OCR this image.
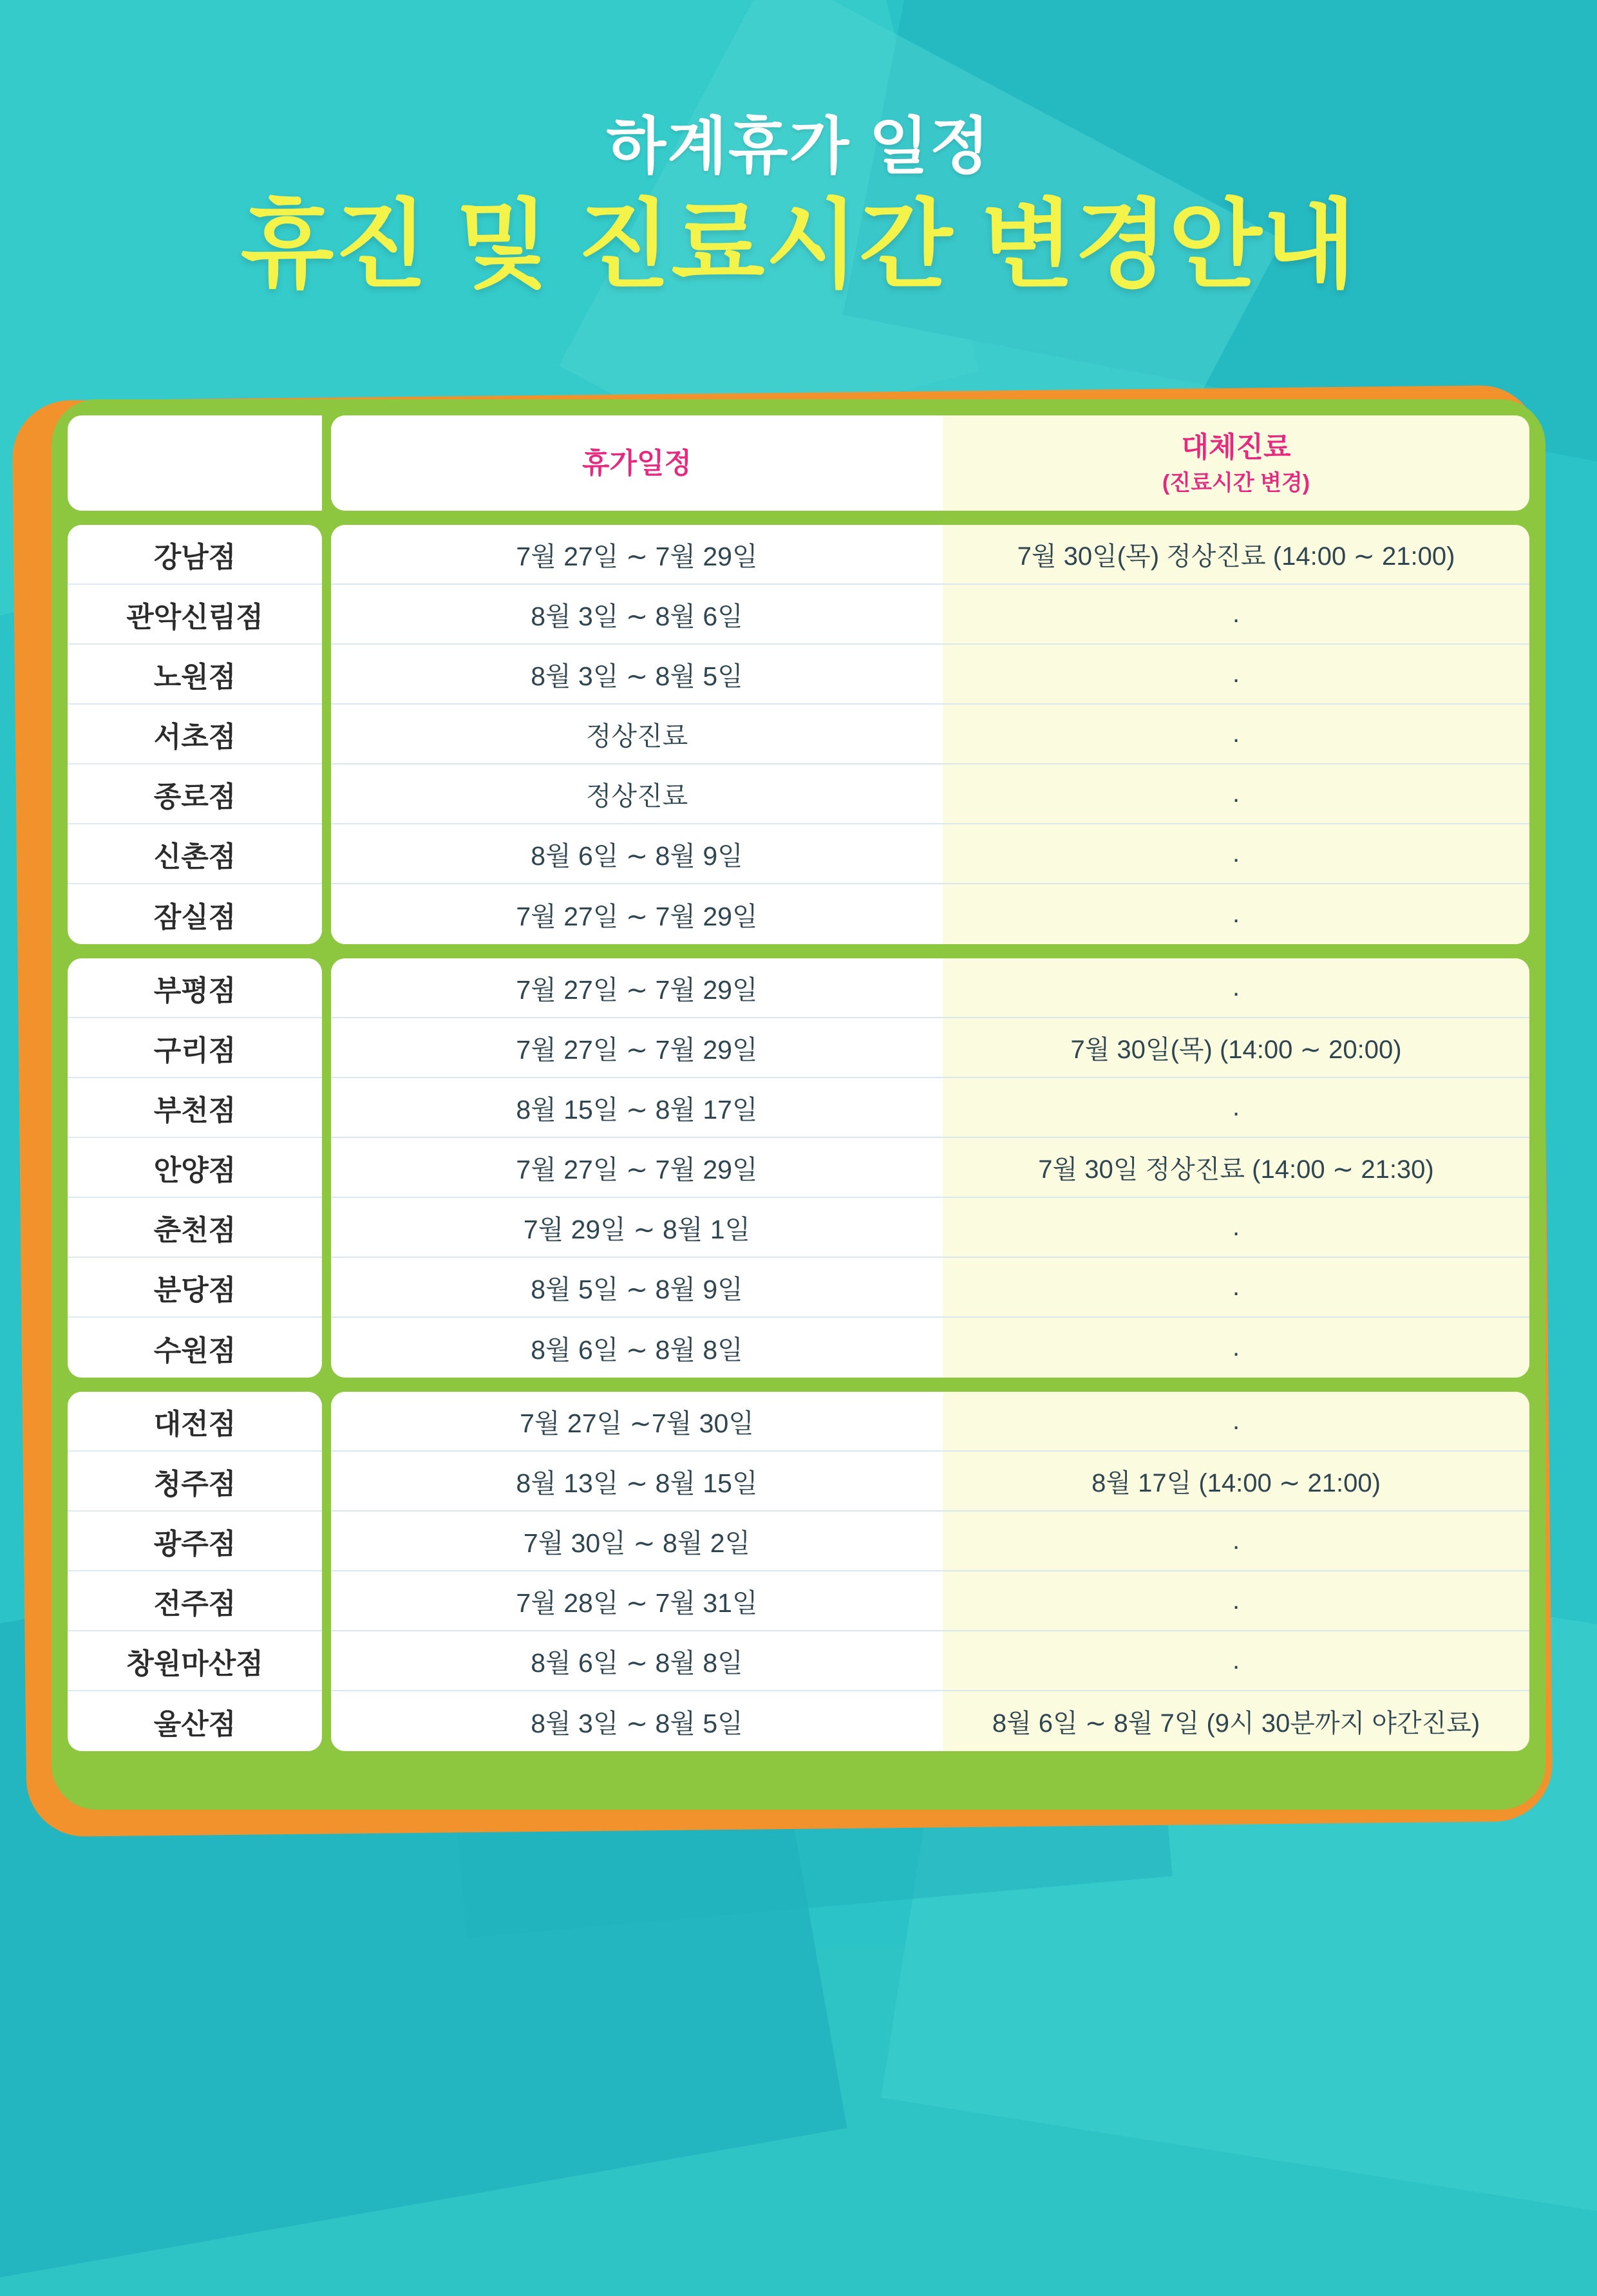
하계휴가 일정
휴진 및 진료시간 변경안내
휴가일정	대체진료
(진료시간 변경)
강남점
관악신림점
노원점
서초점
종로점
신촌점
잠실점
7월 27일 ∼ 7월 29일
8월 3일 ∼ 8월 6일
8월 3일 ∼ 8월 5일
정상진료
정상진료
8월 6일 ∼ 8월 9일
7월 27일 ∼ 7월 29일
7월 30일(목) 정상진료 (14:00 ∼ 21:00)
.
.
.
.
.
.
부평점
구리점
부천점
안양점
춘천점
분당점
수원점
7월 27일 ∼ 7월 29일
7월 27일 ∼ 7월 29일
8월 15일 ∼ 8월 17일
7월 27일 ∼ 7월 29일
7월 29일 ∼ 8월 1일
8월 5일 ∼ 8월 9일
8월 6일 ∼ 8월 8일
.
7월 30일(목) (14:00 ∼ 20:00)
.
7월 30일 정상진료 (14:00 ∼ 21:30)
.
.
.
대전점
청주점
광주점
전주점
창원마산점
울산점
7월 27일 ∼7월 30일
8월 13일 ∼ 8월 15일
7월 30일 ∼ 8월 2일
7월 28일 ∼ 7월 31일
8월 6일 ∼ 8월 8일
8월 3일 ∼ 8월 5일
.
8월 17일 (14:00 ∼ 21:00)
.
.
.
8월 6일 ∼ 8월 7일 (9시 30분까지 야간진료)
